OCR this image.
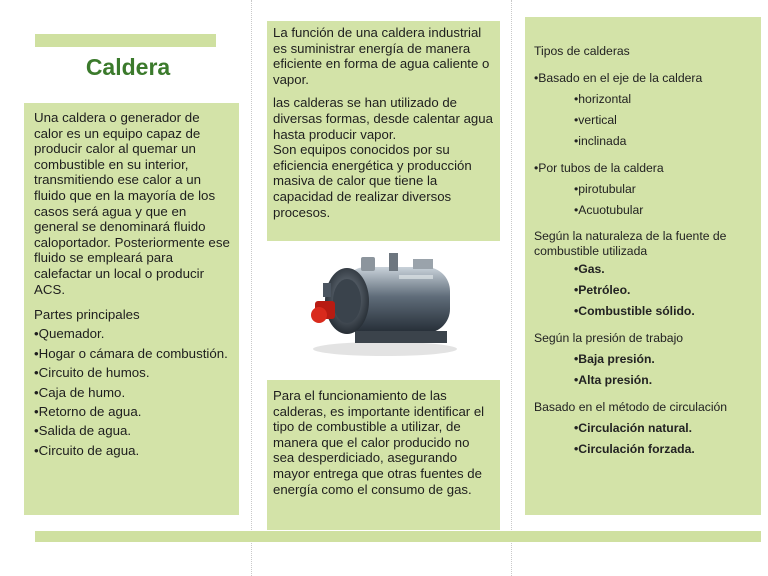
Caldera

Una caldera o generador de calor es un equipo capaz de producir calor al quemar un combustible en su interior, transmitiendo ese calor a un fluido que en la mayoría de los casos será agua y que en general se denominará fluido caloportador. Posteriormente ese fluido se empleará para calefactar un local o producir ACS.

Partes principales
•Quemador.
•Hogar o cámara de combustión.
•Circuito de humos.
•Caja de humo.
•Retorno de agua.
•Salida de agua.
•Circuito de agua.

La función de una caldera industrial es suministrar energía de manera eficiente en forma de agua caliente o vapor.

las calderas se han utilizado de diversas formas, desde calentar agua hasta producir vapor.

Son equipos conocidos por su eficiencia energética y producción masiva de calor que tiene la capacidad de realizar diversos procesos.

Para el funcionamiento de las calderas, es importante identificar el tipo de combustible a utilizar, de manera que el calor producido no sea desperdiciado, asegurando mayor entrega que otras fuentes de energía como el consumo de gas.

Tipos de calderas
•Basado en el eje de la caldera
•horizontal
•vertical
•inclinada
•Por tubos de la caldera
•pirotubular
•Acuotubular
Según la naturaleza de la fuente de combustible utilizada
•Gas.
•Petróleo.
•Combustible sólido.
Según la presión de trabajo
•Baja presión.
•Alta presión.
Basado en el método de circulación
•Circulación natural.
•Circulación forzada.
